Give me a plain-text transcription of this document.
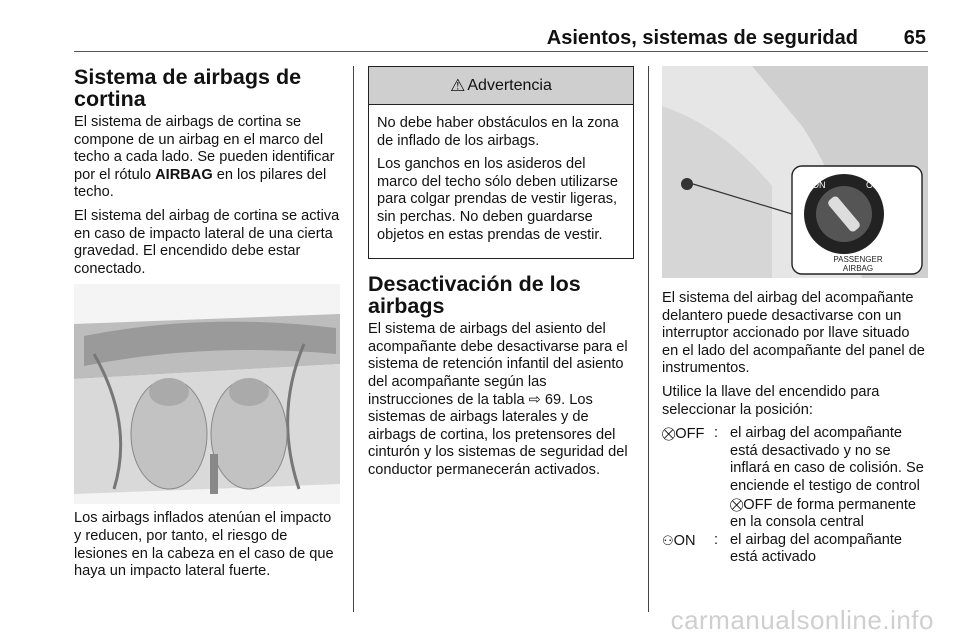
Asientos, sistemas de seguridad 65
Sistema de airbags de cortina

El sistema de airbags de cortina se compone de un airbag en el marco del techo a cada lado. Se pueden identificar por el rótulo AIRBAG en los pilares del techo.

El sistema del airbag de cortina se activa en caso de impacto lateral de una cierta gravedad. El encendido debe estar conectado.

Los airbags inflados atenúan el impacto y reducen, por tanto, el riesgo de lesiones en la cabeza en el caso de que haya un impacto lateral fuerte.

⚠ Advertencia

No debe haber obstáculos en la zona de inflado de los airbags.

Los ganchos en los asideros del marco del techo sólo deben utilizarse para colgar prendas de vestir ligeras, sin perchas. No deben guardarse objetos en estas prendas de vestir.

Desactivación de los airbags

El sistema de airbags del asiento del acompañante debe desactivarse para el sistema de retención infantil del asiento del acompañante según las instrucciones de la tabla ⇨ 69. Los sistemas de airbags laterales y de airbags de cortina, los pretensores del cinturón y los sistemas de seguridad del conductor permanecerán activados.

ON	OFF
PASSENGER
AIRBAG

El sistema del airbag del acompañante delantero puede desactivarse con un interruptor accionado por llave situado en el lado del acompañante del panel de instrumentos.

Utilice la llave del encendido para seleccionar la posición:

⛒OFF : el airbag del acompañante está desactivado y no se inflará en caso de colisión. Se enciende el testigo de control ⛒OFF de forma permanente en la consola central
⚇ON	: el airbag del acompañante está activado
carmanualsonline.info
